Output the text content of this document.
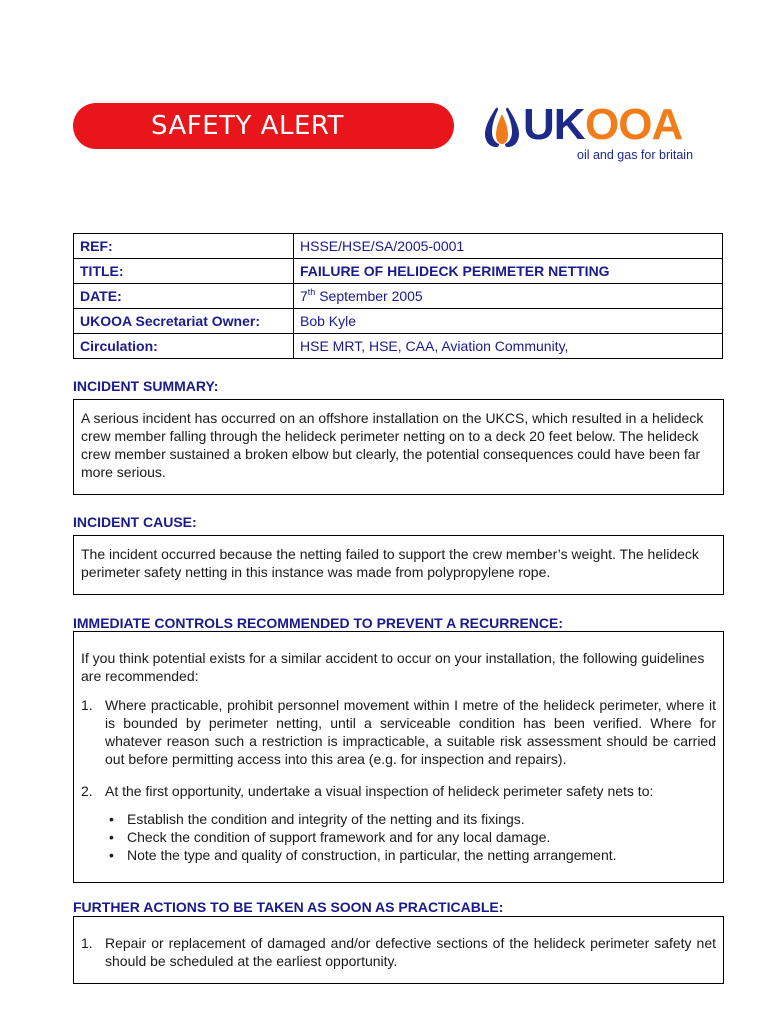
SAFETY ALERT	UK OOA
oil and gas for britain
REF:	HSSE/HSE/SA/2005-0001
TITLE:	FAILURE OF HELIDECK PERIMETER NETTING
DATE:	7th September 2005
UKOOA Secretariat Owner:	Bob Kyle
Circulation:	HSE MRT, HSE, CAA, Aviation Community,
INCIDENT SUMMARY:

A serious incident has occurred on an offshore installation on the UKCS, which resulted in a helideck crew member falling through the helideck perimeter netting on to a deck 20 feet below. The helideck crew member sustained a broken elbow but clearly, the potential consequences could have been far more serious.

INCIDENT CAUSE:

The incident occurred because the netting failed to support the crew member’s weight. The helideck perimeter safety netting in this instance was made from polypropylene rope.

IMMEDIATE CONTROLS RECOMMENDED TO PREVENT A RECURRENCE:

If you think potential exists for a similar accident to occur on your installation, the following guidelines are recommended:

1. Where practicable, prohibit personnel movement within I metre of the helideck perimeter, where it is bounded by perimeter netting, until a serviceable condition has been verified. Where for whatever reason such a restriction is impracticable, a suitable risk assessment should be carried out before permitting access into this area (e.g. for inspection and repairs).
2. At the first opportunity, undertake a visual inspection of helideck perimeter safety nets to:
• Establish the condition and integrity of the netting and its fixings.
• Check the condition of support framework and for any local damage.
• Note the type and quality of construction, in particular, the netting arrangement.
FURTHER ACTIONS TO BE TAKEN AS SOON AS PRACTICABLE:
1. Repair or replacement of damaged and/or defective sections of the helideck perimeter safety net should be scheduled at the earliest opportunity.
